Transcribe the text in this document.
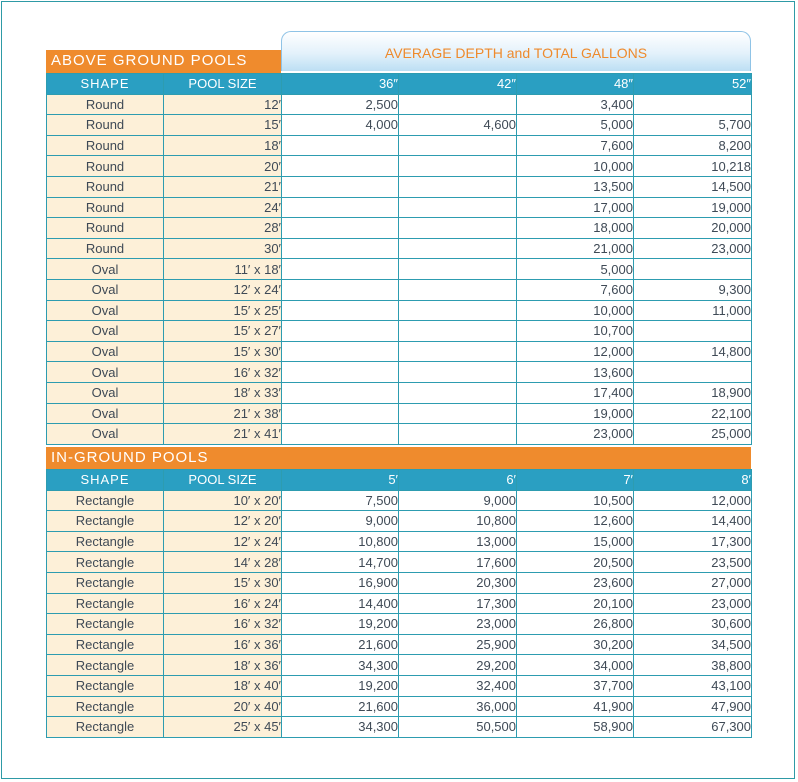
AVERAGE DEPTH and TOTAL GALLONS
ABOVE GROUND POOLS
SHAPE	POOL SIZE	36″	42″	48″	52″
Round	12′	2,500		3,400	
Round	15′	4,000	4,600	5,000	5,700
Round	18′			7,600	8,200
Round	20′			10,000	10,218
Round	21′			13,500	14,500
Round	24′			17,000	19,000
Round	28′			18,000	20,000
Round	30′			21,000	23,000
Oval	11′ x 18′			5,000	
Oval	12′ x 24′			7,600	9,300
Oval	15′ x 25′			10,000	11,000
Oval	15′ x 27′			10,700	
Oval	15′ x 30′			12,000	14,800
Oval	16′ x 32′			13,600	
Oval	18′ x 33′			17,400	18,900
Oval	21′ x 38′			19,000	22,100
Oval	21′ x 41′			23,000	25,000
IN-GROUND POOLS
SHAPE	POOL SIZE	5′	6′	7′	8′
Rectangle	10′ x 20′	7,500	9,000	10,500	12,000
Rectangle	12′ x 20′	9,000	10,800	12,600	14,400
Rectangle	12′ x 24′	10,800	13,000	15,000	17,300
Rectangle	14′ x 28′	14,700	17,600	20,500	23,500
Rectangle	15′ x 30′	16,900	20,300	23,600	27,000
Rectangle	16′ x 24′	14,400	17,300	20,100	23,000
Rectangle	16′ x 32′	19,200	23,000	26,800	30,600
Rectangle	16′ x 36′	21,600	25,900	30,200	34,500
Rectangle	18′ x 36′	34,300	29,200	34,000	38,800
Rectangle	18′ x 40′	19,200	32,400	37,700	43,100
Rectangle	20′ x 40′	21,600	36,000	41,900	47,900
Rectangle	25′ x 45′	34,300	50,500	58,900	67,300
